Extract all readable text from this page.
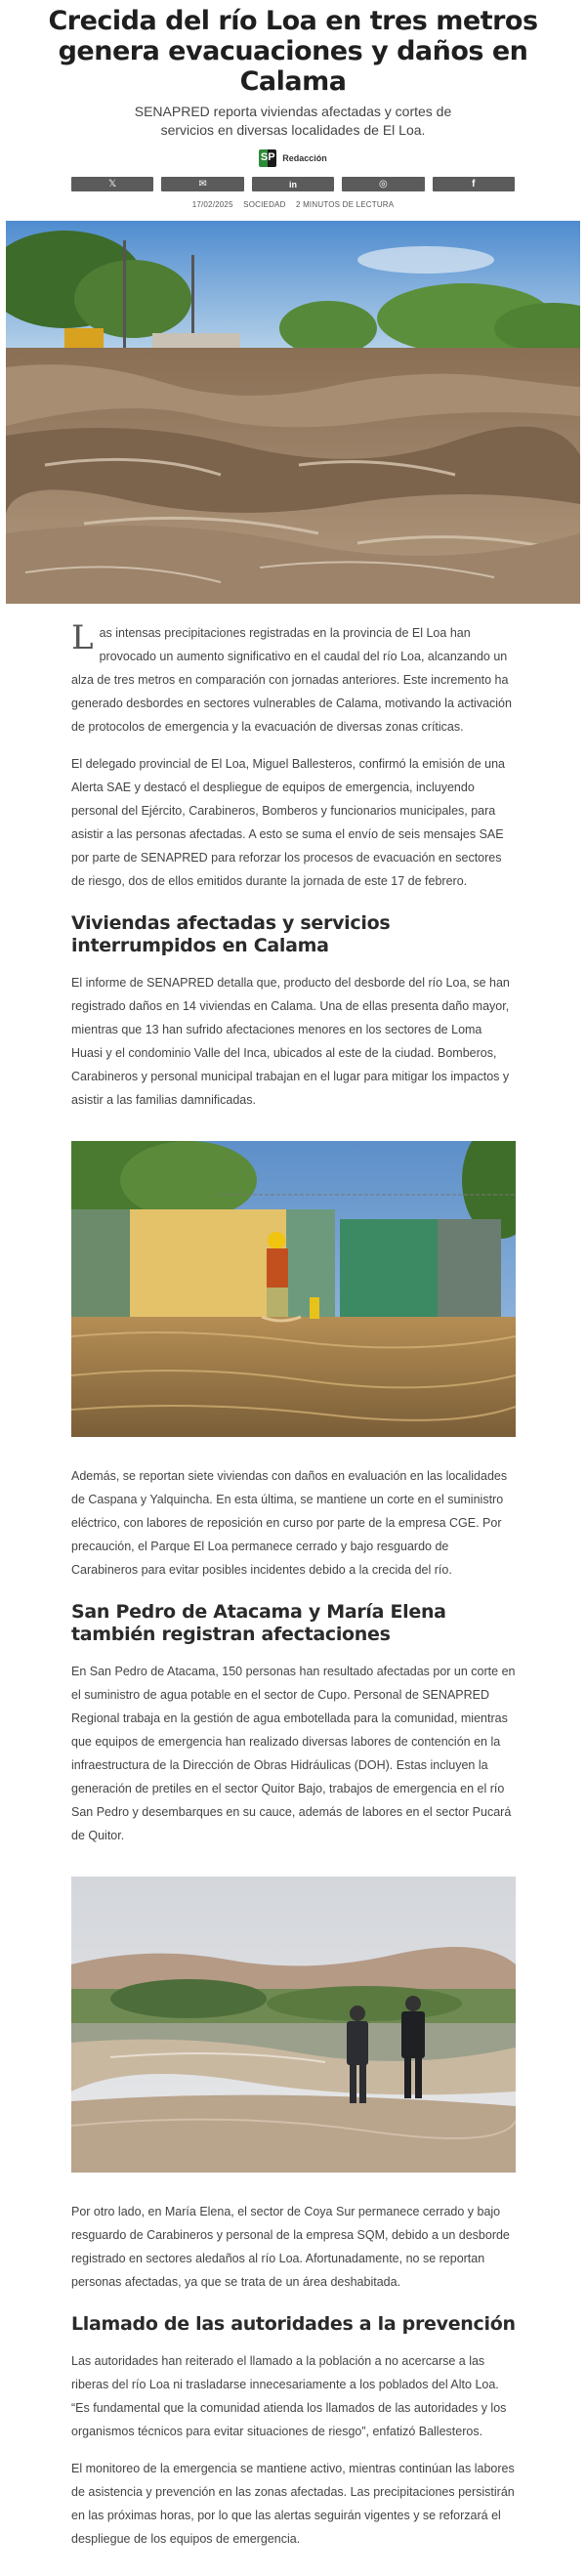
Crecida del río Loa en tres metros genera evacuaciones y daños en Calama
SENAPRED reporta viviendas afectadas y cortes de servicios en diversas localidades de El Loa.
SP Redacción
𝕏	✉	in	◎	f
17/02/2025 SOCIEDAD 2 MINUTOS DE LECTURA

Las intensas precipitaciones registradas en la provincia de El Loa han provocado un aumento significativo en el caudal del río Loa, alcanzando un alza de tres metros en comparación con jornadas anteriores. Este incremento ha generado desbordes en sectores vulnerables de Calama, motivando la activación de protocolos de emergencia y la evacuación de diversas zonas críticas.

El delegado provincial de El Loa, Miguel Ballesteros, confirmó la emisión de una Alerta SAE y destacó el despliegue de equipos de emergencia, incluyendo personal del Ejército, Carabineros, Bomberos y funcionarios municipales, para asistir a las personas afectadas. A esto se suma el envío de seis mensajes SAE por parte de SENAPRED para reforzar los procesos de evacuación en sectores de riesgo, dos de ellos emitidos durante la jornada de este 17 de febrero.

Viviendas afectadas y servicios interrumpidos en Calama

El informe de SENAPRED detalla que, producto del desborde del río Loa, se han registrado daños en 14 viviendas en Calama. Una de ellas presenta daño mayor, mientras que 13 han sufrido afectaciones menores en los sectores de Loma Huasi y el condominio Valle del Inca, ubicados al este de la ciudad. Bomberos, Carabineros y personal municipal trabajan en el lugar para mitigar los impactos y asistir a las familias damnificadas.

Además, se reportan siete viviendas con daños en evaluación en las localidades de Caspana y Yalquincha. En esta última, se mantiene un corte en el suministro eléctrico, con labores de reposición en curso por parte de la empresa CGE. Por precaución, el Parque El Loa permanece cerrado y bajo resguardo de Carabineros para evitar posibles incidentes debido a la crecida del río.

San Pedro de Atacama y María Elena también registran afectaciones

En San Pedro de Atacama, 150 personas han resultado afectadas por un corte en el suministro de agua potable en el sector de Cupo. Personal de SENAPRED Regional trabaja en la gestión de agua embotellada para la comunidad, mientras que equipos de emergencia han realizado diversas labores de contención en la infraestructura de la Dirección de Obras Hidráulicas (DOH). Estas incluyen la generación de pretiles en el sector Quitor Bajo, trabajos de emergencia en el río San Pedro y desembarques en su cauce, además de labores en el sector Pucará de Quitor.

Por otro lado, en María Elena, el sector de Coya Sur permanece cerrado y bajo resguardo de Carabineros y personal de la empresa SQM, debido a un desborde registrado en sectores aledaños al río Loa. Afortunadamente, no se reportan personas afectadas, ya que se trata de un área deshabitada.

Llamado de las autoridades a la prevención

Las autoridades han reiterado el llamado a la población a no acercarse a las riberas del río Loa ni trasladarse innecesariamente a los poblados del Alto Loa. “Es fundamental que la comunidad atienda los llamados de las autoridades y los organismos técnicos para evitar situaciones de riesgo”, enfatizó Ballesteros.

El monitoreo de la emergencia se mantiene activo, mientras continúan las labores de asistencia y prevención en las zonas afectadas. Las precipitaciones persistirán en las próximas horas, por lo que las alertas seguirán vigentes y se reforzará el despliegue de los equipos de emergencia.
